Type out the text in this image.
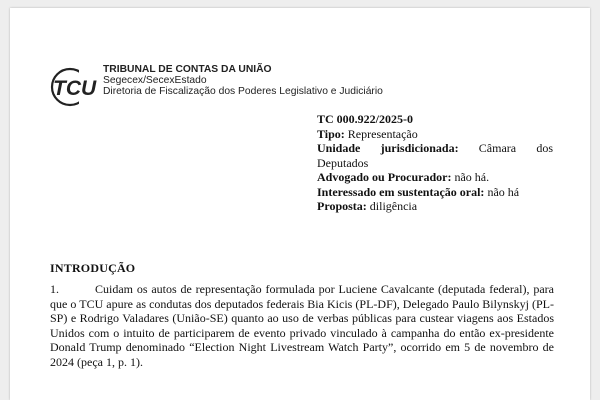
TCU
TRIBUNAL DE CONTAS DA UNIÃO
Segecex/SecexEstado
Diretoria de Fiscalização dos Poderes Legislativo e Judiciário
TC 000.922/2025-0
Tipo: Representação
Unidade jurisdicionada: Câmara dos
Deputados
Advogado ou Procurador: não há.
Interessado em sustentação oral: não há
Proposta: diligência
INTRODUÇÃO
1.	Cuidam os autos de representação formulada por Luciene Cavalcante (deputada federal), para que o TCU apure as condutas dos deputados federais Bia Kicis (PL-DF), Delegado Paulo Bilynskyj (PL-SP) e Rodrigo Valadares (União-SE) quanto ao uso de verbas públicas para custear viagens aos Estados Unidos com o intuito de participarem de evento privado vinculado à campanha do então ex-presidente Donald Trump denominado “Election Night Livestream Watch Party”, ocorrido em 5 de novembro de 2024 (peça 1, p. 1).
